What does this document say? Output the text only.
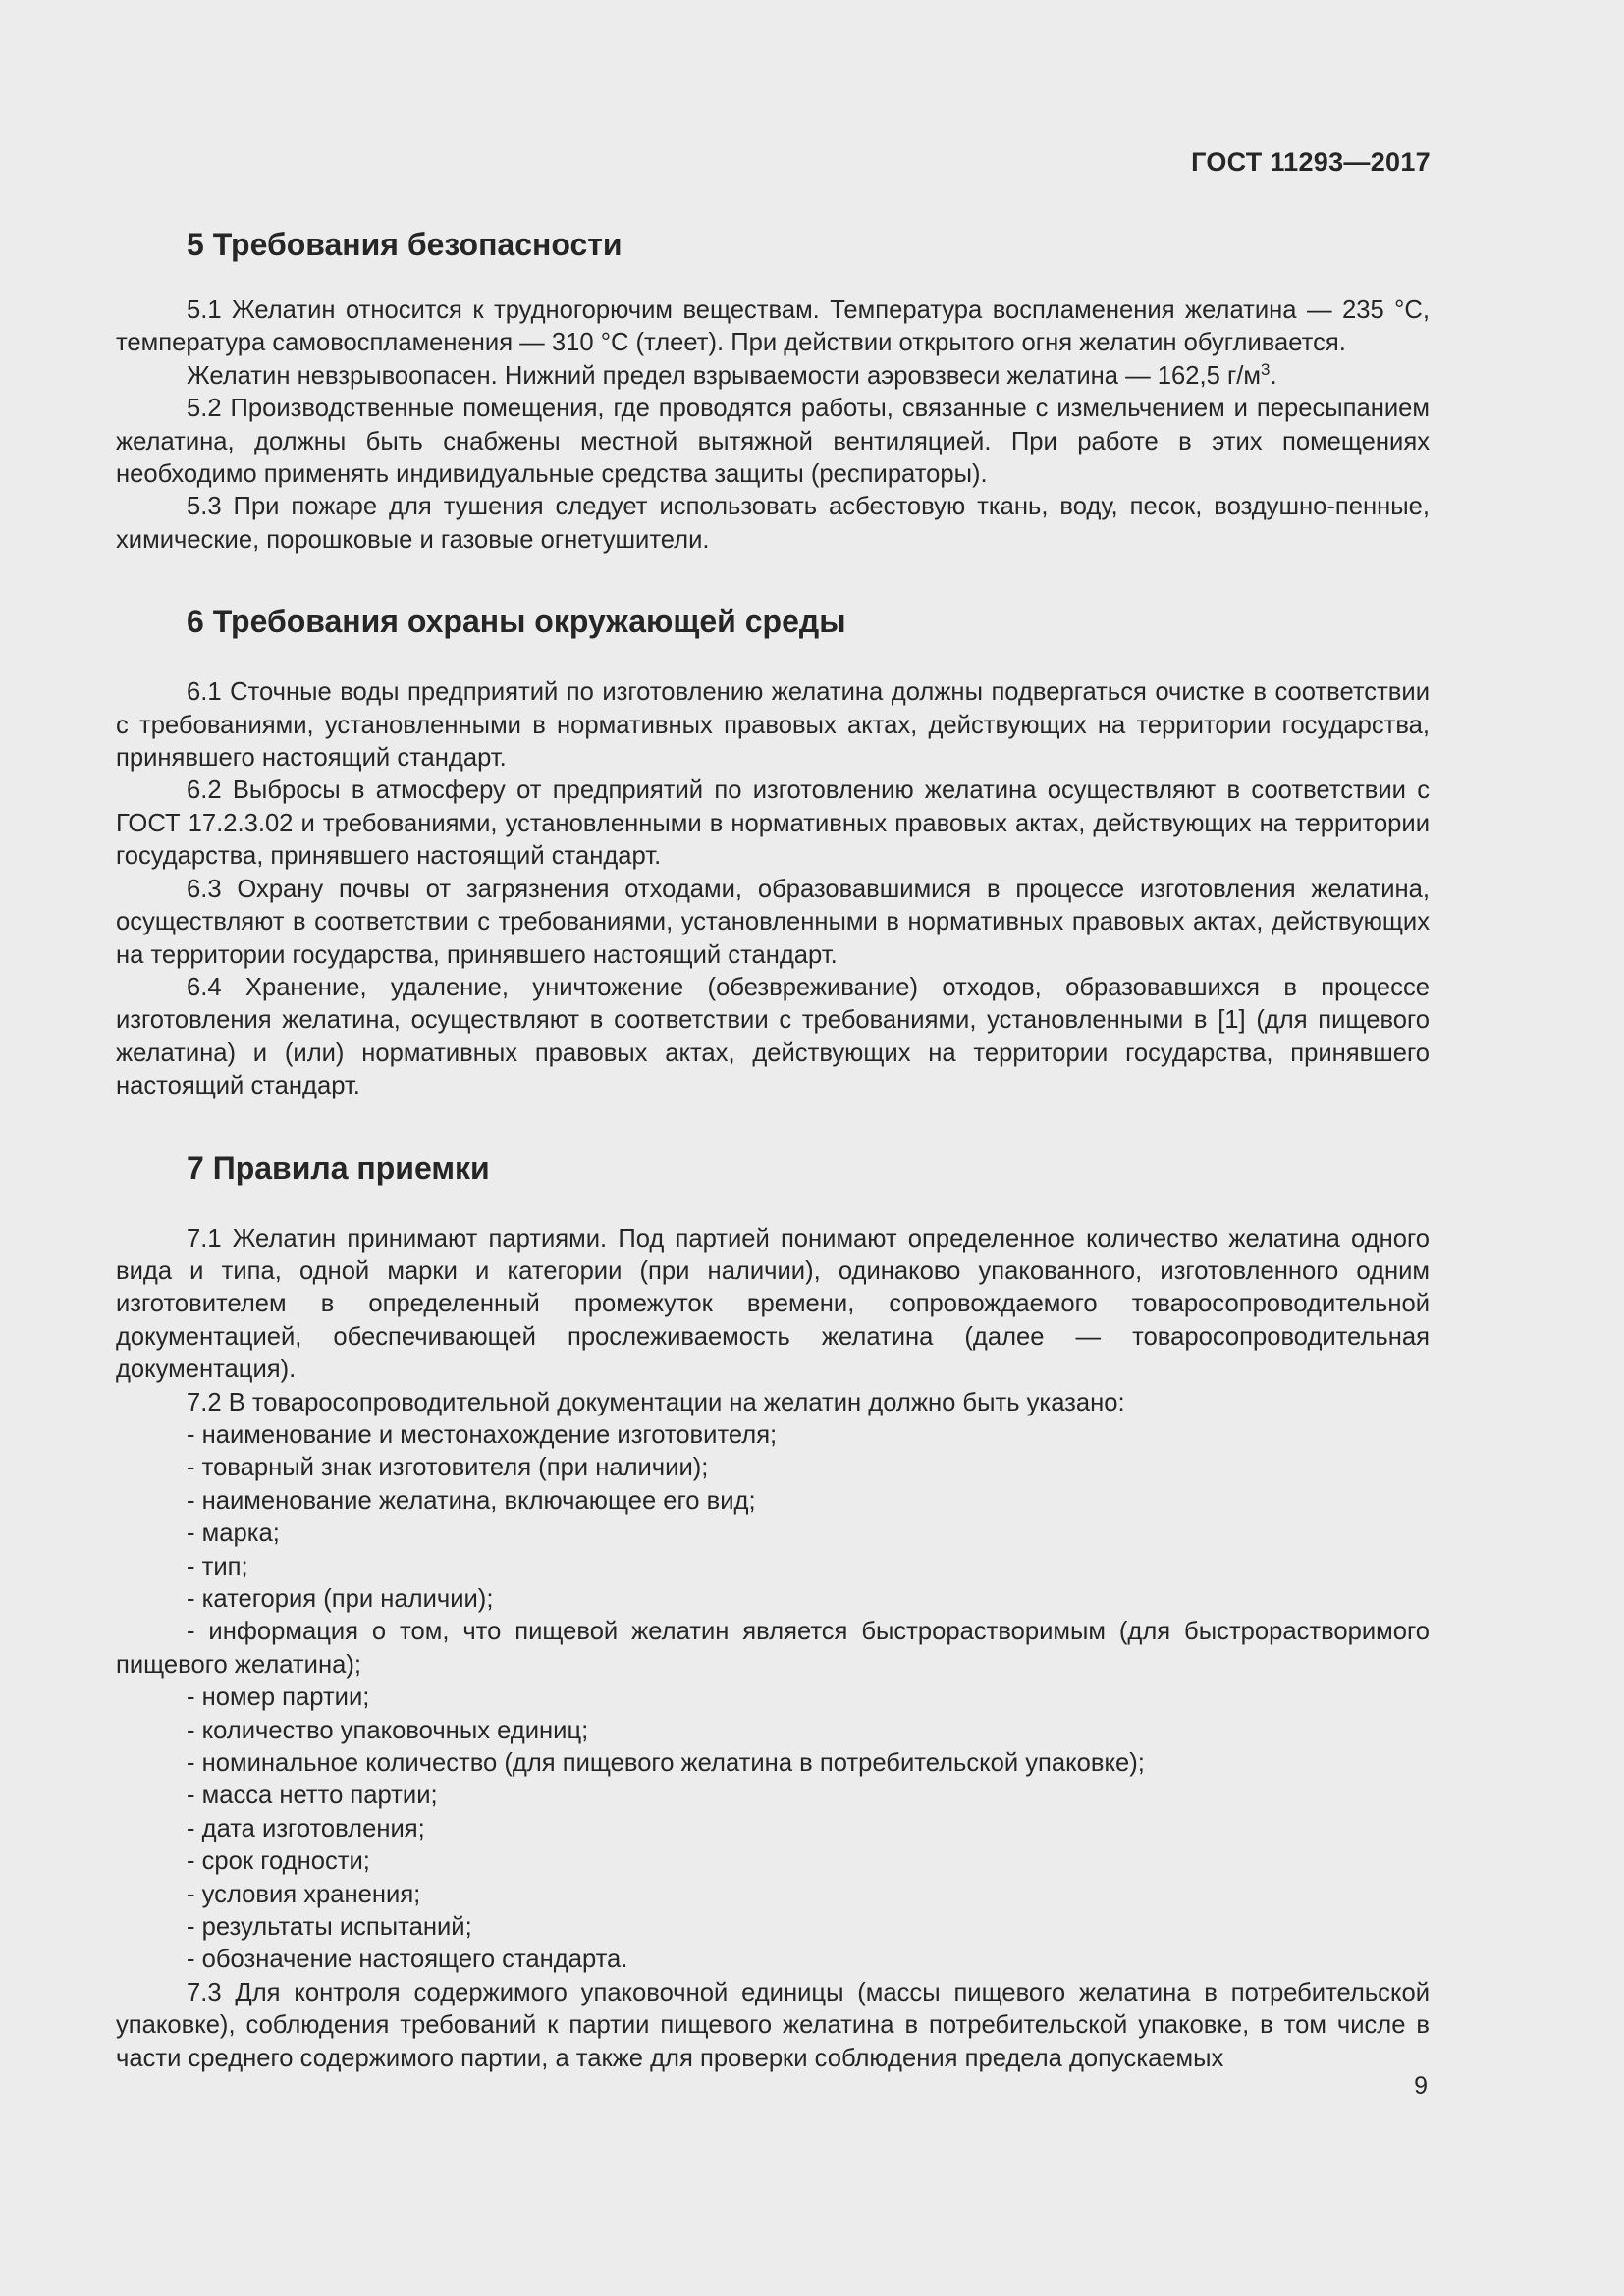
ГОСТ 11293—2017
5 Требования безопасности

5.1 Желатин относится к трудногорючим веществам. Температура воспламенения желатина — 235 °С, температура самовоспламенения — 310 °С (тлеет). При действии открытого огня желатин обугливается.

Желатин невзрывоопасен. Нижний предел взрываемости аэровзвеси желатина — 162,5 $г/м^3$.

5.2 Производственные помещения, где проводятся работы, связанные с измельчением и пересыпанием желатина, должны быть снабжены местной вытяжной вентиляцией. При работе в этих помещениях необходимо применять индивидуальные средства защиты (респираторы).

5.3 При пожаре для тушения следует использовать асбестовую ткань, воду, песок, воздушно-пенные, химические, порошковые и газовые огнетушители.

6 Требования охраны окружающей среды

6.1 Сточные воды предприятий по изготовлению желатина должны подвергаться очистке в соответствии с требованиями, установленными в нормативных правовых актах, действующих на территории государства, принявшего настоящий стандарт.

6.2 Выбросы в атмосферу от предприятий по изготовлению желатина осуществляют в соответствии с ГОСТ 17.2.3.02 и требованиями, установленными в нормативных правовых актах, действующих на территории государства, принявшего настоящий стандарт.

6.3 Охрану почвы от загрязнения отходами, образовавшимися в процессе изготовления желатина, осуществляют в соответствии с требованиями, установленными в нормативных правовых актах, действующих на территории государства, принявшего настоящий стандарт.

6.4 Хранение, удаление, уничтожение (обезвреживание) отходов, образовавшихся в процессе изготовления желатина, осуществляют в соответствии с требованиями, установленными в [1] (для пищевого желатина) и (или) нормативных правовых актах, действующих на территории государства, принявшего настоящий стандарт.

7 Правила приемки

7.1 Желатин принимают партиями. Под партией понимают определенное количество желатина одного вида и типа, одной марки и категории (при наличии), одинаково упакованного, изготовленного одним изготовителем в определенный промежуток времени, сопровождаемого товаросопроводительной документацией, обеспечивающей прослеживаемость желатина (далее — товаросопроводительная документация).

7.2 В товаросопроводительной документации на желатин должно быть указано:

- наименование и местонахождение изготовителя;

- товарный знак изготовителя (при наличии);

- наименование желатина, включающее его вид;

- марка;

- тип;

- категория (при наличии);

- информация о том, что пищевой желатин является быстрорастворимым (для быстрорастворимого пищевого желатина);

- номер партии;

- количество упаковочных единиц;

- номинальное количество (для пищевого желатина в потребительской упаковке);

- масса нетто партии;

- дата изготовления;

- срок годности;

- условия хранения;

- результаты испытаний;

- обозначение настоящего стандарта.

7.3 Для контроля содержимого упаковочной единицы (массы пищевого желатина в потребительской упаковке), соблюдения требований к партии пищевого желатина в потребительской упаковке, в том числе в части среднего содержимого партии, а также для проверки соблюдения предела допускаемых

9
